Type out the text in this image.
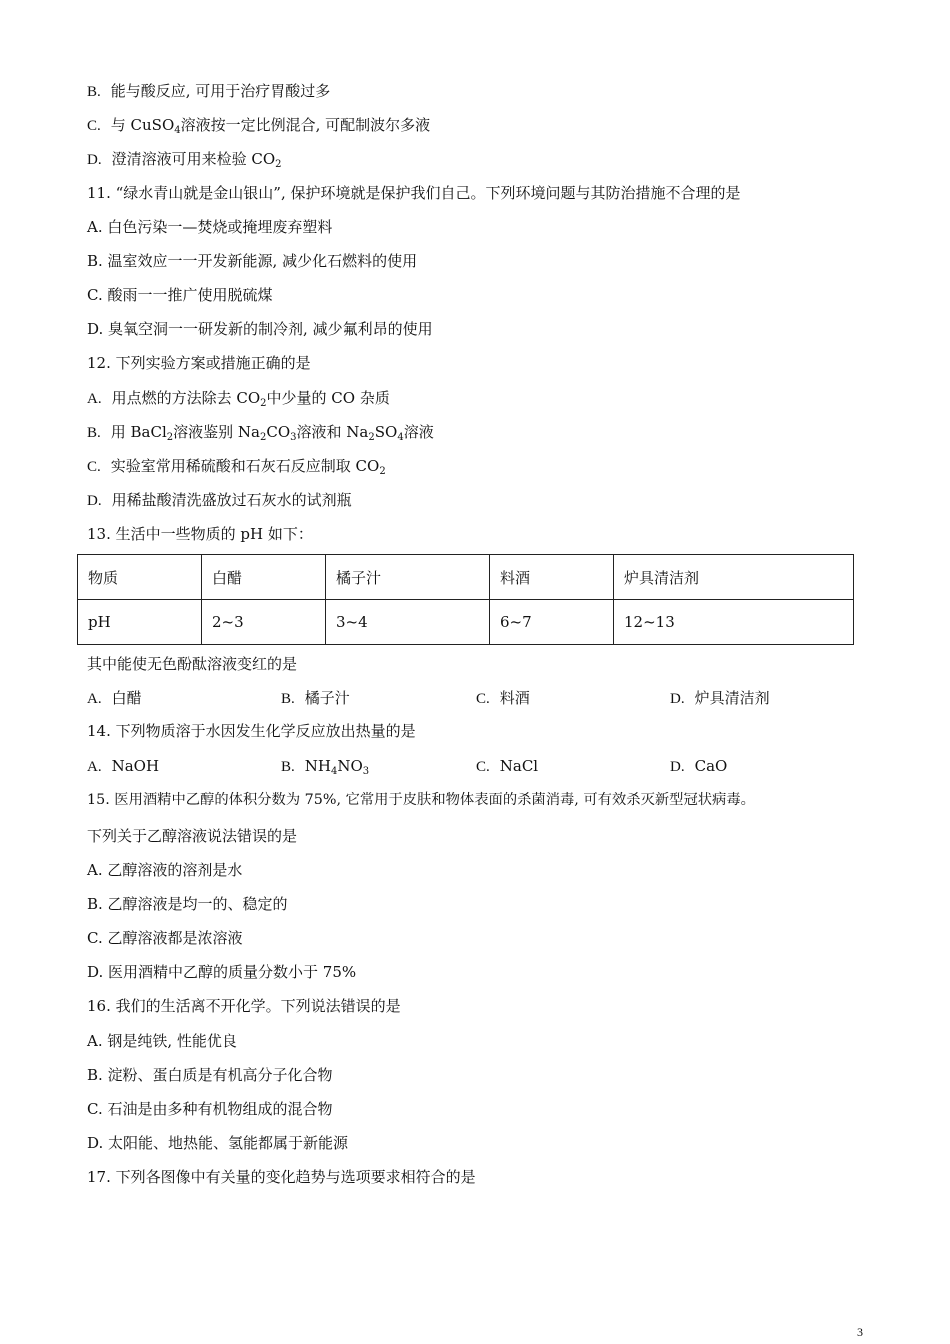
B. 能与酸反应, 可用于治疗胃酸过多
C. 与 CuSO$_4$溶液按一定比例混合, 可配制波尔多液
D. 澄清溶液可用来检验 $CO_2$
11. “绿水青山就是金山银山”, 保护环境就是保护我们自己。下列环境问题与其防治措施不合理的是
A. 白色污染一—焚烧或掩埋废弃塑料
B. 温室效应一一开发新能源, 减少化石燃料的使用
C. 酸雨一一推广使用脱硫煤
D. 臭氧空洞一一研发新的制冷剂, 减少氟利昂的使用
12. 下列实验方案或措施正确的是
A. 用点燃的方法除去 $CO_2$中少量的 CO 杂质
B. 用 BaCl$_2$溶液鉴别 $Na_2CO_3$溶液和 $Na_2SO_4$溶液
C. 实验室常用稀硫酸和石灰石反应制取 $CO_2$
D. 用稀盐酸清洗盛放过石灰水的试剂瓶
13. 生活中一些物质的 pH 如下：
物质	白醋	橘子汁	料酒	炉具清洁剂
pH	2~3	3~4	6~7	12~13
其中能使无色酚酞溶液变红的是
A. 白醋	B. 橘子汁	C. 料酒	D. 炉具清洁剂
14. 下列物质溶于水因发生化学反应放出热量的是
A. NaOH	B. $NH_4NO_3$	C. NaCl	D. CaO
15. 医用酒精中乙醇的体积分数为 75%, 它常用于皮肤和物体表面的杀菌消毒, 可有效杀灭新型冠状病毒。
下列关于乙醇溶液说法错误的是
A. 乙醇溶液的溶剂是水
B. 乙醇溶液是均一的、稳定的
C. 乙醇溶液都是浓溶液
D. 医用酒精中乙醇的质量分数小于 75%
16. 我们的生活离不开化学。下列说法错误的是
A. 钢是纯铁, 性能优良
B. 淀粉、蛋白质是有机高分子化合物
C. 石油是由多种有机物组成的混合物
D. 太阳能、地热能、氢能都属于新能源
17. 下列各图像中有关量的变化趋势与选项要求相符合的是
3
